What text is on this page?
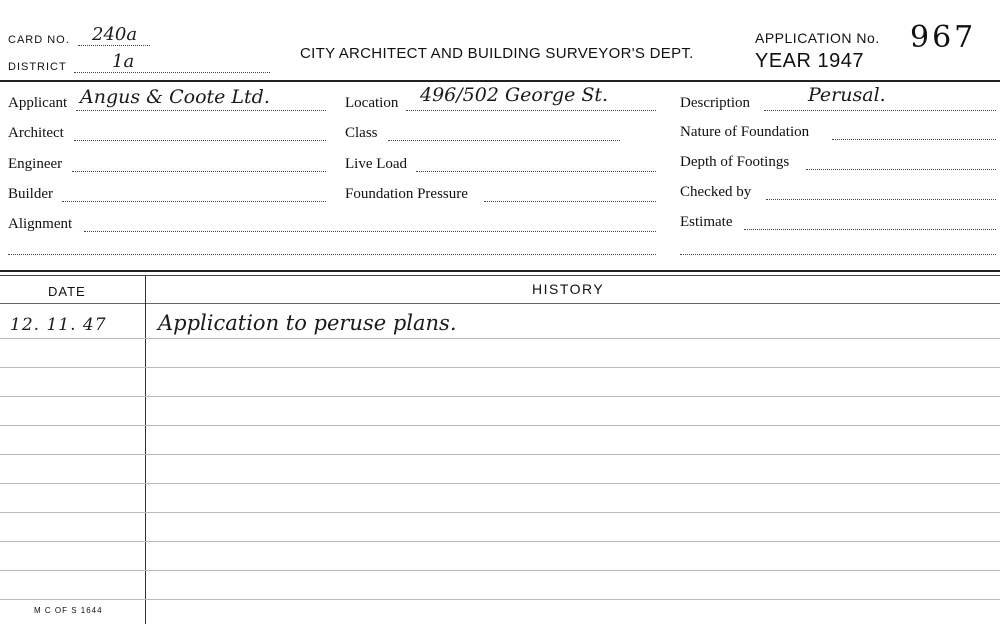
CARD NO. 240a
DISTRICT	1a	CITY ARCHITECT AND BUILDING SURVEYOR'S DEPT.
APPLICATION No. 967
YEAR 1947
Applicant Angus & Coote Ltd.
Architect
Engineer
Builder
Alignment
Location 496/502 George St.
Class
Live Load
Foundation Pressure
Description	Perusal.
Nature of Foundation
Depth of Footings
Checked by
Estimate
DATE	HISTORY
12. 11. 47 Application to peruse plans.
M C OF S 1644
